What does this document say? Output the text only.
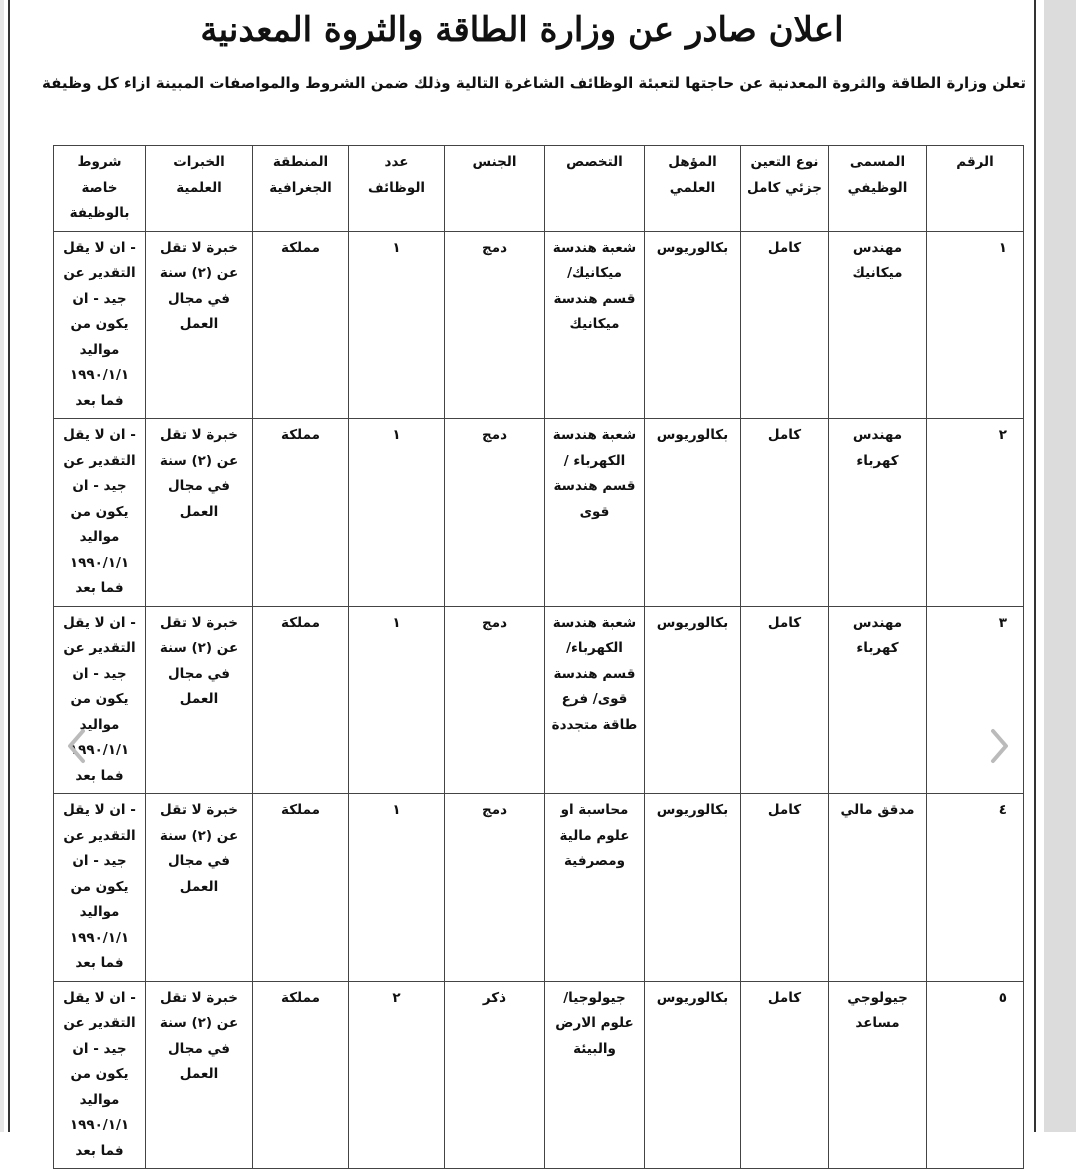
اعلان صادر عن وزارة الطاقة والثروة المعدنية
تعلن وزارة الطاقة والثروة المعدنية عن حاجتها لتعبئة الوظائف الشاغرة التالية وذلك ضمن الشروط والمواصفات المبينة ازاء كل وظيفة
الرقم	المسمى الوظيفي	نوع التعين جزئي كامل	المؤهل العلمي	التخصص	الجنس	عدد الوظائف	المنطقة الجغرافية	الخبرات العلمية	شروط خاصة بالوظيفة
١	مهندس ميكانيك	كامل	بكالوريوس	شعبة هندسة ميكانيك/ قسم هندسة ميكانيك	دمج	١	مملكة	خبرة لا تقل عن (٢) سنة في مجال العمل	- ان لا يقل التقدير عن جيد - ان يكون من مواليد ١٩٩٠/١/١ فما بعد
٢	مهندس كهرباء	كامل	بكالوريوس	شعبة هندسة الكهرباء / قسم هندسة قوى	دمج	١	مملكة	خبرة لا تقل عن (٢) سنة في مجال العمل	- ان لا يقل التقدير عن جيد - ان يكون من مواليد ١٩٩٠/١/١ فما بعد
٣	مهندس كهرباء	كامل	بكالوريوس	شعبة هندسة الكهرباء/ قسم هندسة قوى/ فرع طاقة متجددة	دمج	١	مملكة	خبرة لا تقل عن (٢) سنة في مجال العمل	- ان لا يقل التقدير عن جيد - ان يكون من مواليد ١٩٩٠/١/١ فما بعد
٤	مدقق مالي	كامل	بكالوريوس	محاسبة او علوم مالية ومصرفية	دمج	١	مملكة	خبرة لا تقل عن (٢) سنة في مجال العمل	- ان لا يقل التقدير عن جيد - ان يكون من مواليد ١٩٩٠/١/١ فما بعد
٥	جيولوجي مساعد	كامل	بكالوريوس	جيولوجيا/ علوم الارض والبيئة	ذكر	٢	مملكة	خبرة لا تقل عن (٢) سنة في مجال العمل	- ان لا يقل التقدير عن جيد - ان يكون من مواليد ١٩٩٠/١/١ فما بعد
